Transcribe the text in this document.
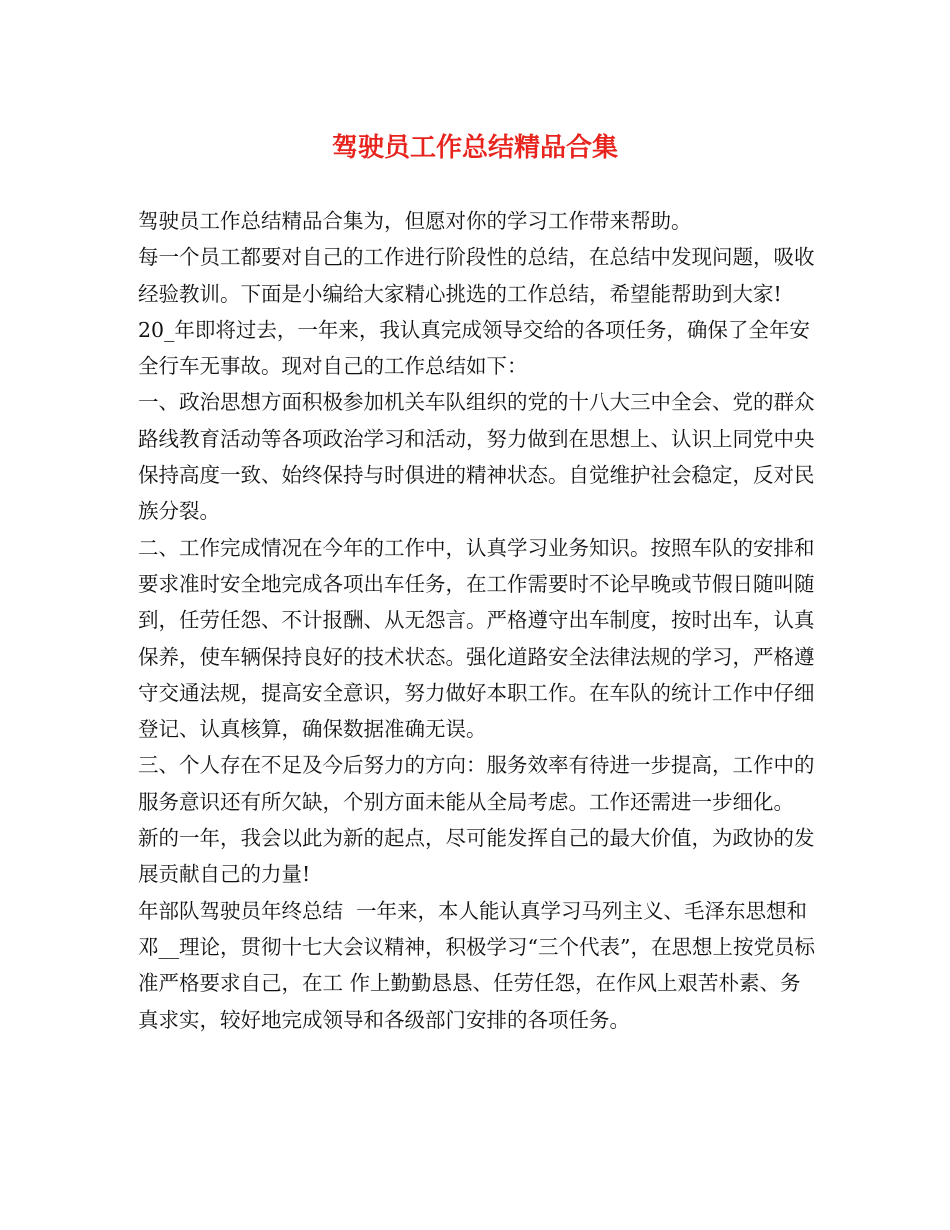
驾驶员工作总结精品合集

驾驶员工作总结精品合集为，但愿对你的学习工作带来帮助。

每一个员工都要对自己的工作进行阶段性的总结，在总结中发现问题，吸收经验教训。下面是小编给大家精心挑选的工作总结，希望能帮助到大家!

20_年即将过去，一年来，我认真完成领导交给的各项任务，确保了全年安全行车无事故。现对自己的工作总结如下：

一、政治思想方面积极参加机关车队组织的党的十八大三中全会、党的群众路线教育活动等各项政治学习和活动，努力做到在思想上、认识上同党中央保持高度一致、始终保持与时俱进的精神状态。自觉维护社会稳定，反对民族分裂。

二、工作完成情况在今年的工作中，认真学习业务知识。按照车队的安排和要求准时安全地完成各项出车任务，在工作需要时不论早晚或节假日随叫随到，任劳任怨、不计报酬、从无怨言。严格遵守出车制度，按时出车，认真保养，使车辆保持良好的技术状态。强化道路安全法律法规的学习，严格遵守交通法规，提高安全意识，努力做好本职工作。在车队的统计工作中仔细登记、认真核算，确保数据准确无误。

三、个人存在不足及今后努力的方向：服务效率有待进一步提高，工作中的服务意识还有所欠缺，个别方面未能从全局考虑。工作还需进一步细化。

新的一年，我会以此为新的起点，尽可能发挥自己的最大价值，为政协的发展贡献自己的力量!

年部队驾驶员年终总结  一年来，本人能认真学习马列主义、毛泽东思想和邓__理论，贯彻十七大会议精神，积极学习“三个代表”，在思想上按党员标准严格要求自己，在工 作上勤勤恳恳、任劳任怨，在作风上艰苦朴素、务真求实，较好地完成领导和各级部门安排的各项任务。
